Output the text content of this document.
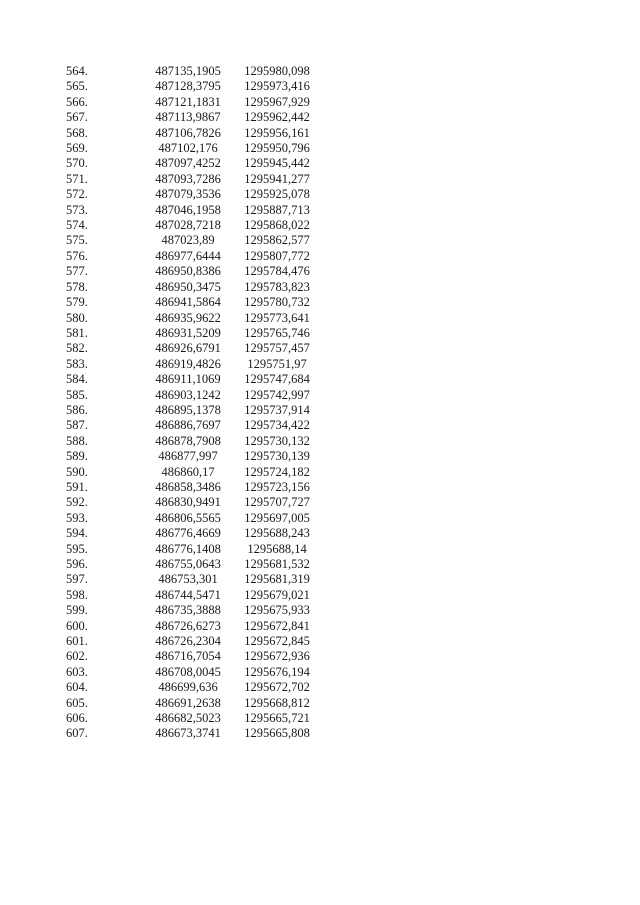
564.	487135,1905	1295980,098
565.	487128,3795	1295973,416
566.	487121,1831	1295967,929
567.	487113,9867	1295962,442
568.	487106,7826	1295956,161
569.	487102,176	1295950,796
570.	487097,4252	1295945,442
571.	487093,7286	1295941,277
572.	487079,3536	1295925,078
573.	487046,1958	1295887,713
574.	487028,7218	1295868,022
575.	487023,89	1295862,577
576.	486977,6444	1295807,772
577.	486950,8386	1295784,476
578.	486950,3475	1295783,823
579.	486941,5864	1295780,732
580.	486935,9622	1295773,641
581.	486931,5209	1295765,746
582.	486926,6791	1295757,457
583.	486919,4826	1295751,97
584.	486911,1069	1295747,684
585.	486903,1242	1295742,997
586.	486895,1378	1295737,914
587.	486886,7697	1295734,422
588.	486878,7908	1295730,132
589.	486877,997	1295730,139
590.	486860,17	1295724,182
591.	486858,3486	1295723,156
592.	486830,9491	1295707,727
593.	486806,5565	1295697,005
594.	486776,4669	1295688,243
595.	486776,1408	1295688,14
596.	486755,0643	1295681,532
597.	486753,301	1295681,319
598.	486744,5471	1295679,021
599.	486735,3888	1295675,933
600.	486726,6273	1295672,841
601.	486726,2304	1295672,845
602.	486716,7054	1295672,936
603.	486708,0045	1295676,194
604.	486699,636	1295672,702
605.	486691,2638	1295668,812
606.	486682,5023	1295665,721
607.	486673,3741	1295665,808
